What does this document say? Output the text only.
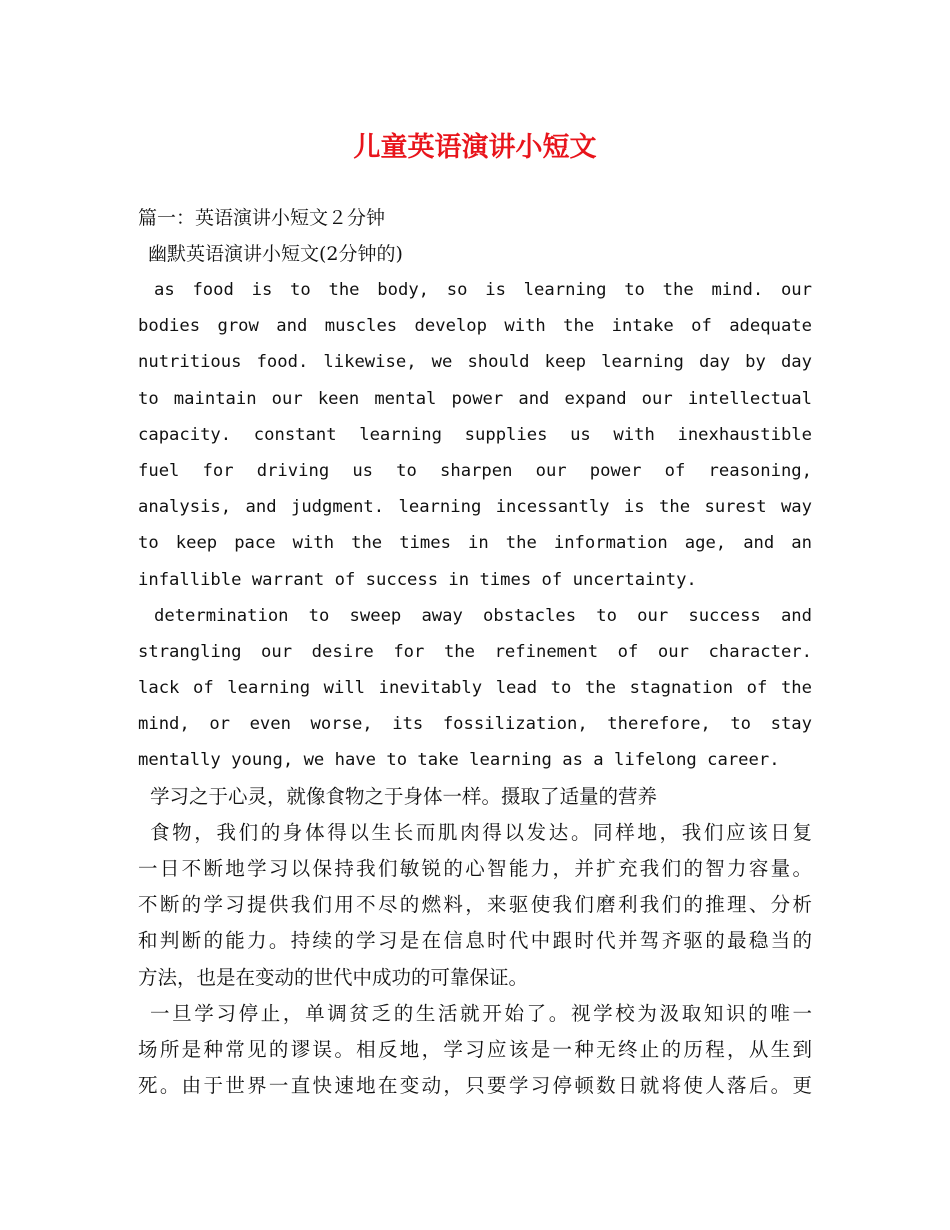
儿童英语演讲小短文
篇一：英语演讲小短文２分钟
幽默英语演讲小短文(2分钟的)
as food is to the body, so is learning to the mind. our
bodies grow and muscles develop with the intake of adequate
nutritious food. likewise, we should keep learning day by day
to maintain our keen mental power and expand our intellectual
capacity. constant learning supplies us with inexhaustible
fuel for driving us to sharpen our power of reasoning,
analysis, and judgment. learning incessantly is the surest way
to keep pace with the times in the information age, and an
infallible warrant of success in times of uncertainty.
determination to sweep away obstacles to our success and
strangling our desire for the refinement of our character.
lack of learning will inevitably lead to the stagnation of the
mind, or even worse, its fossilization, therefore, to stay
mentally young, we have to take learning as a lifelong career.
学习之于心灵，就像食物之于身体一样。摄取了适量的营养
食物，我们的身体得以生长而肌肉得以发达。同样地，我们应该日复
一日不断地学习以保持我们敏锐的心智能力，并扩充我们的智力容量。
不断的学习提供我们用不尽的燃料，来驱使我们磨利我们的推理、分析
和判断的能力。持续的学习是在信息时代中跟时代并驾齐驱的最稳当的
方法，也是在变动的世代中成功的可靠保证。
一旦学习停止，单调贫乏的生活就开始了。视学校为汲取知识的唯一
场所是种常见的谬误。相反地，学习应该是一种无终止的历程，从生到
死。由于世界一直快速地在变动，只要学习停顿数日就将使人落后。更
